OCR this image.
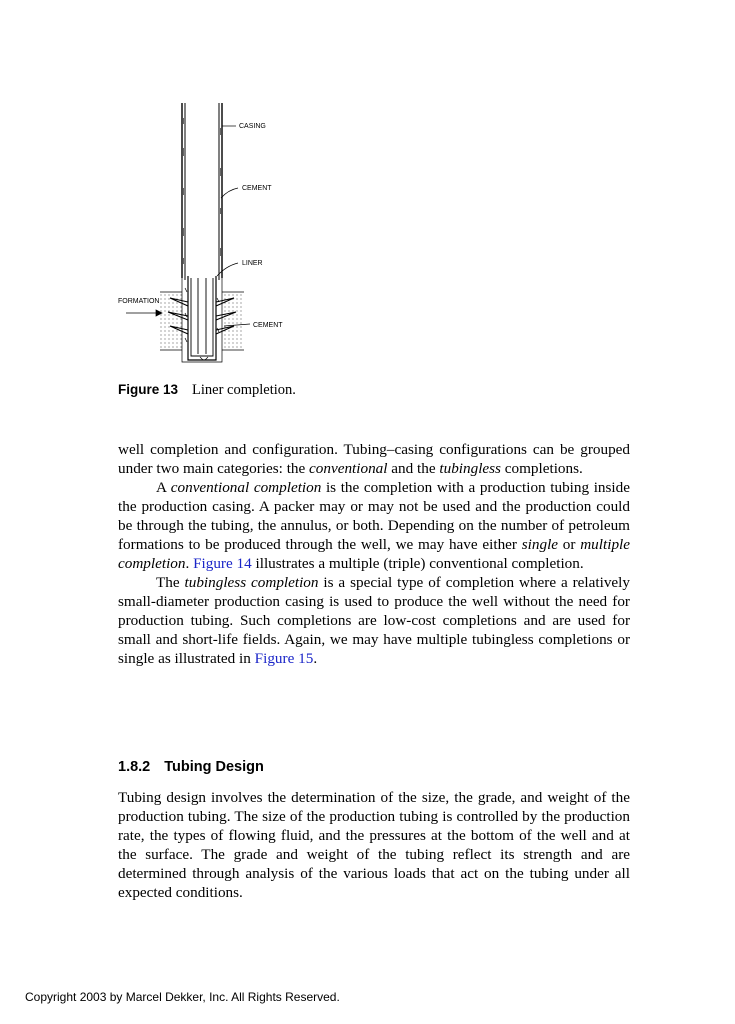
CASING
CEMENT
LINER
FORMATION
CEMENT
Figure 13 Liner completion.

well completion and configuration. Tubing–casing configurations can be grouped under two main categories: the conventional and the tubingless completions.

A conventional completion is the completion with a production tubing inside the production casing. A packer may or may not be used and the production could be through the tubing, the annulus, or both. Depending on the number of petroleum formations to be produced through the well, we may have either single or multiple completion. Figure 14 illustrates a multiple (triple) conventional completion.

The tubingless completion is a special type of completion where a relatively small-diameter production casing is used to produce the well without the need for production tubing. Such completions are low-cost completions and are used for small and short-life fields. Again, we may have multiple tubingless completions or single as illustrated in Figure 15.

1.8.2 Tubing Design

Tubing design involves the determination of the size, the grade, and weight of the production tubing. The size of the production tubing is controlled by the production rate, the types of flowing fluid, and the pressures at the bottom of the well and at the surface. The grade and weight of the tubing reflect its strength and are determined through analysis of the various loads that act on the tubing under all expected conditions.

Copyright 2003 by Marcel Dekker, Inc. All Rights Reserved.
